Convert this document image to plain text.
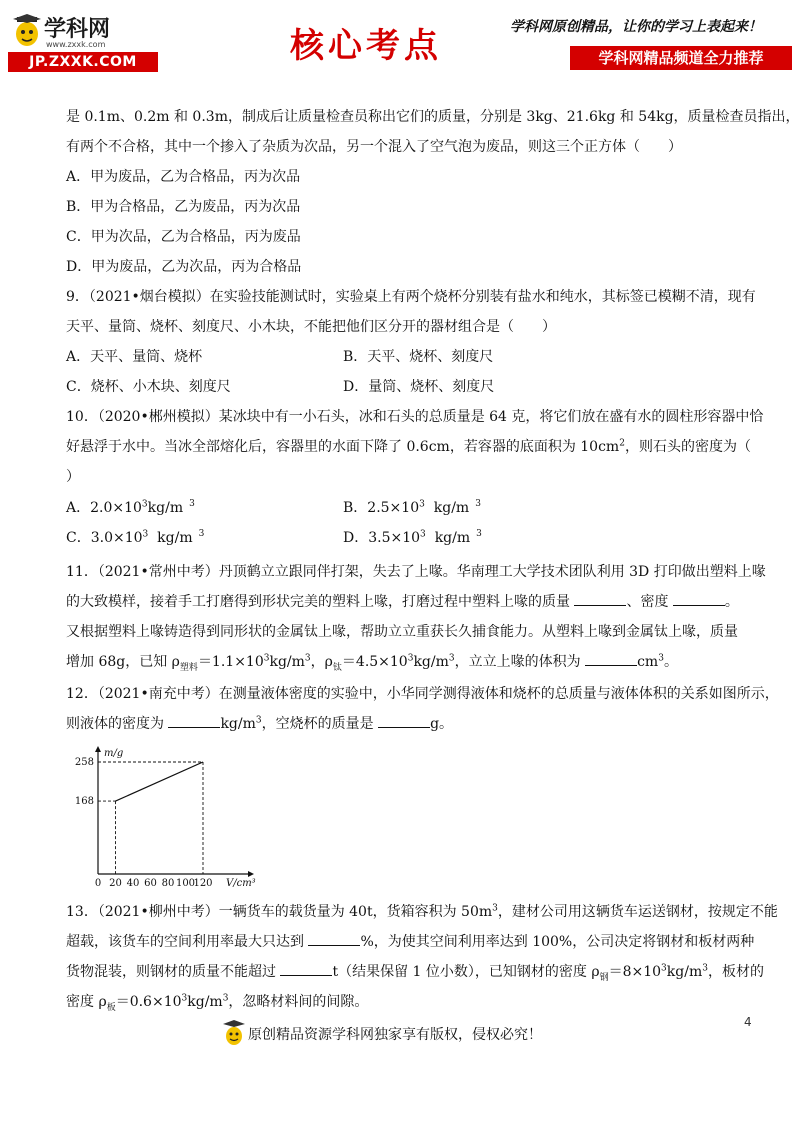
学科网
www.zxxk.com
JP.ZXXK.COM	核心考点	学科网原创精品，让你的学习上表起来！
学科网精品频道全力推荐
是 0.1m、0.2m 和 0.3m，制成后让质量检查员称出它们的质量，分别是 3kg、21.6kg 和 54kg，质量检查员指出，
有两个不合格，其中一个掺入了杂质为次品，另一个混入了空气泡为废品，则这三个正方体（　　）
A．甲为废品，乙为合格品，丙为次品
B．甲为合格品，乙为废品，丙为次品
C．甲为次品，乙为合格品，丙为废品
D．甲为废品，乙为次品，丙为合格品
9．（2021•烟台模拟）在实验技能测试时，实验桌上有两个烧杯分别装有盐水和纯水，其标签已模糊不清，现有
天平、量筒、烧杯、刻度尺、小木块，不能把他们区分开的器材组合是（　　）
A．天平、量筒、烧杯	B．天平、烧杯、刻度尺
C．烧杯、小木块、刻度尺	D．量筒、烧杯、刻度尺
10．（2020•郴州模拟）某冰块中有一小石头，冰和石头的总质量是 64 克，将它们放在盛有水的圆柱形容器中恰
好悬浮于水中。当冰全部熔化后，容器里的水面下降了 0.6cm，若容器的底面积为 $10cm^2$，则石头的密度为（
）
A．$2.0\times 10^3kg/m$ $^3$	B．$2.5\times 10^3$ kg/m $^3$
C．$3.0\times 10^3$ kg/m $^3$	D．$3.5\times 10^3$ kg/m $^3$
11．（2021•常州中考）丹顶鹤立立跟同伴打架，失去了上喙。华南理工大学技术团队利用 3D 打印做出塑料上喙
的大致模样，接着手工打磨得到形状完美的塑料上喙，打磨过程中塑料上喙的质量	、密度	。
又根据塑料上喙铸造得到同形状的金属钛上喙，帮助立立重获长久捕食能力。从塑料上喙到金属钛上喙，质量
增加 68g，已知 $\rho_{塑料}=1.1\times 10^3kg/m^3$，$\rho_钛=4.5\times 10^3kg/m^3$，立立上喙的体积为	$cm^3$。
12．（2021•南充中考）在测量液体密度的实验中，小华同学测得液体和烧杯的总质量与液体体积的关系如图所示，
则液体的密度为	$kg/m^3$，空烧杯的质量是	g。
m/g
V/cm³
0 20 40 60 80 100
120
168
258
13．（2021•柳州中考）一辆货车的载货量为 40t，货箱容积为 $50m^3$，建材公司用这辆货车运送钢材，按规定不能
超载，该货车的空间利用率最大只达到	%，为使其空间利用率达到 100%，公司决定将钢材和板材两种
货物混装，则钢材的质量不能超过	t（结果保留 1 位小数），已知钢材的密度 $\rho_钢=8\times 10^3kg/m^3$，板材的
密度 $\rho_板=0.6\times 10^3kg/m^3$，忽略材料间的间隙。
4
原创精品资源学科网独家享有版权，侵权必究！
